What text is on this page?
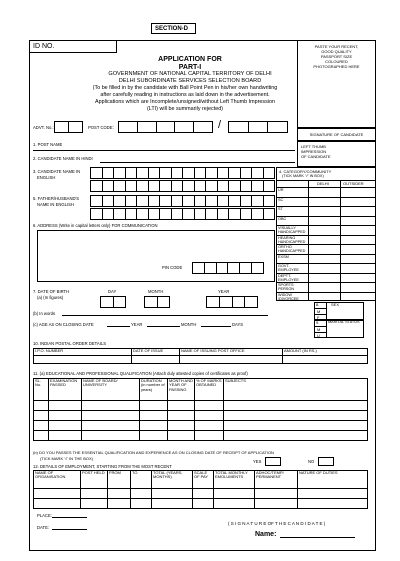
SECTION-D
ID NO.	PASTE YOUR RECENT,
GOOD QUALITY
PASSPORT SIZE
COLOURED
PHOTOGRAPHED HERE
APPLICATION FOR
PART-I
GOVERNMENT OF NATIONAL CAPITAL TERRITORY OF DELHI
DELHI SUBORDINATE SERVICES SELECTION BOARD
(To be filled in by the candidate with Ball Point Pen in his/her own handwriting
after carefully reading in instructions as laid down in the advertisement.
Applications which are Incomplete/unsigned/without Left Thumb Impression
(LTI) will be summarily rejected)
ADVT. No.:	POST CODE:	/
SIGNATURE OF CANDIDATE
LEFT THUMB
IMPRESSION
OF CANDIDATE
1. POST NAME
2. CANDIDATE NAME IN HINDI
3. CANDIDATE NAME IN
ENGLISH
5. FATHER/HUSBAND'S
NAME IN ENGLISH
6. ADDRESS (Write in capital letters only) FOR COMMUNICATION
PIN CODE
4. CATEGORY/COMMUNITY
(TICK MARK '√' IN BOX)
DELHI	OUTSIDER
UR
SC
ST
OBC
VISUALLY HANDICAPPED
HEARING HANDICAPPED
ORTHO HANDICAPPED
EXSM
GOVT. EMPLOYEE
DEPTT. EMPLOYEE
SPORTS PERSON
WIDOW /DIVORCEE
7. DATE OF BIRTH
(a) (In figures)
DAY	MONTH	YEAR
(b) In words
(c) AGE AS ON CLOSING DATE	YEAR	MONTH	DAYS
8.	SEX
M
F
9. MARITAL STATUS
M
U
10. INDIAN POSTAL ORDER DETAILS
I.P.O. NUMBER	DATE OF ISSUE	NAME OF ISSUING POST OFFICE	AMOUNT (IN RS.)

11. (a) EDUCATIONAL AND PROFESSIONAL QUALIFICATION (Attach duly attested copies of certificates as proof)
SL. No.	EXAMINATION PASSED	NAME OF BOARD/ UNIVERSITY	DURATION (in number of years)	MONTH AND YEAR OF PASSING	% OF MARKS OBTAINED	SUBJECTS

(b) DO YOU PASSES THE ESSENTIAL QUALIFICATION AND EXPERIENCE AS ON CLOSING DATE OF RECEIPT OF APPLICATION
(TICK MARK '√' IN THE BOX)
YES	NO
12. DETAILS OF EMPLOYMENT, STARTING FROM THE MOST RECENT
NAME OF ORGANISATION	POST HELD	FROM	TO	TOTAL (YEARS, MONTHS)	SCALE OF PAY	TOTAL MONTHLY EMOLUMENTS	ADHOC/TEMP/ PERMANENT	NATURE OF DUTIES

PLACE:
DATE:
( S I G N A T U R E OF T H E C A N D I D A T E )
Name:
